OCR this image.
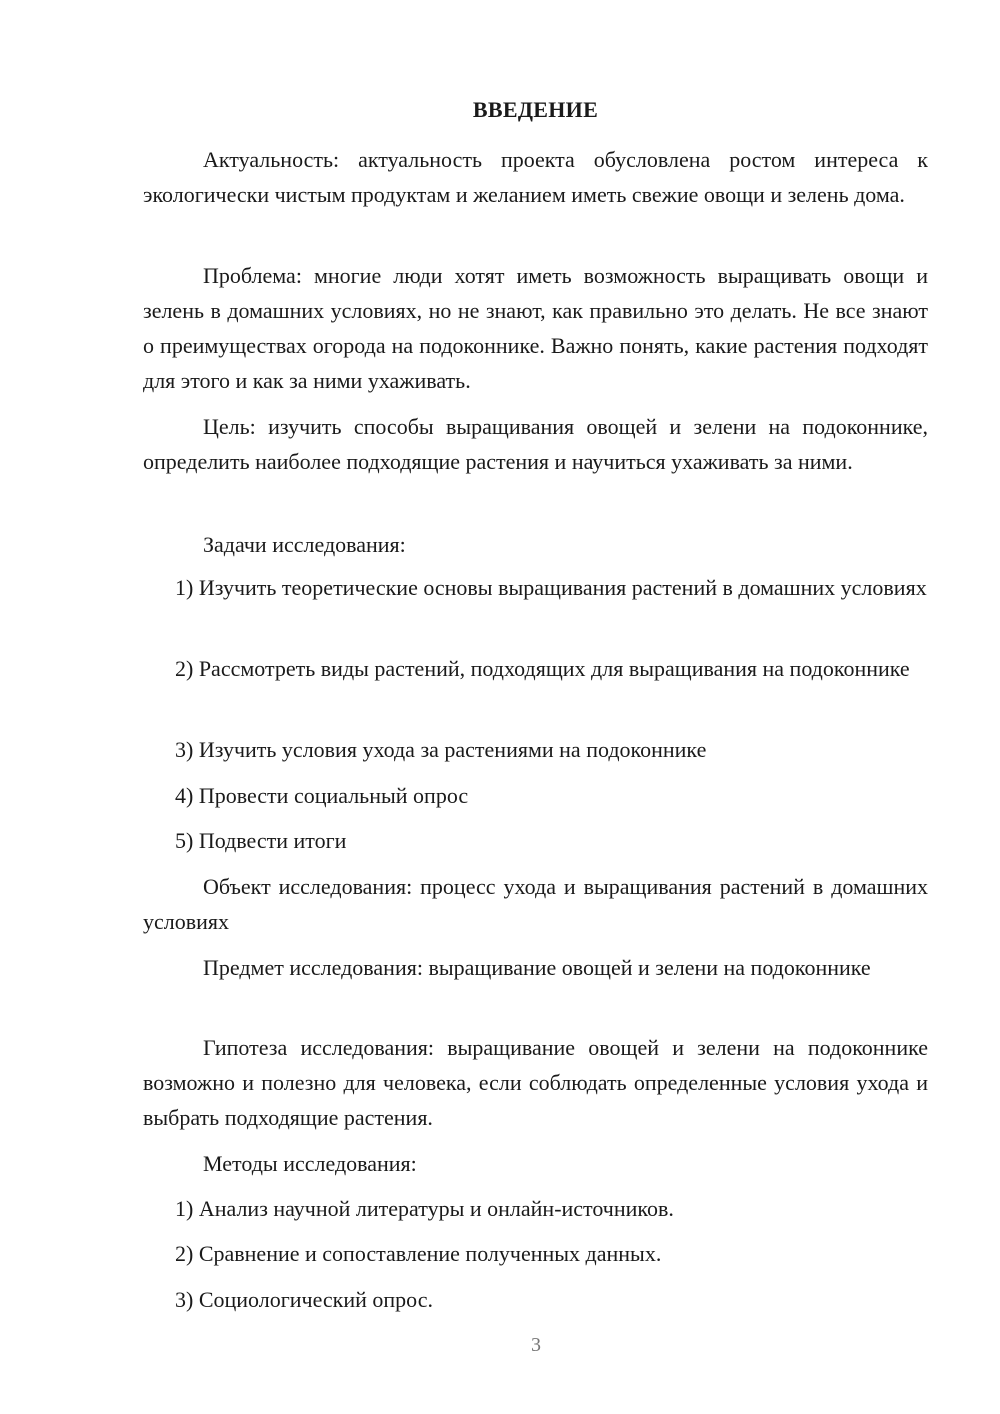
ВВЕДЕНИЕ

Актуальность: актуальность проекта обусловлена ростом интереса к экологически чистым продуктам и желанием иметь свежие овощи и зелень дома.

Проблема: многие люди хотят иметь возможность выращивать овощи и зелень в домашних условиях, но не знают, как правильно это делать. Не все знают о преимуществах огорода на подоконнике. Важно понять, какие растения подходят для этого и как за ними ухаживать.

Цель: изучить способы выращивания овощей и зелени на подоконнике, определить наиболее подходящие растения и научиться ухаживать за ними.

Задачи исследования:

1) Изучить теоретические основы выращивания растений в домашних условиях

2) Рассмотреть виды растений, подходящих для выращивания на подоконнике

3) Изучить условия ухода за растениями на подоконнике

4) Провести социальный опрос

5) Подвести итоги

Объект исследования: процесс ухода и выращивания растений в домашних условиях

Предмет исследования: выращивание овощей и зелени на подоконнике

Гипотеза исследования: выращивание овощей и зелени на подоконнике возможно и полезно для человека, если соблюдать определенные условия ухода и выбрать подходящие растения.

Методы исследования:

1) Анализ научной литературы и онлайн-источников.

2) Сравнение и сопоставление полученных данных.

3) Социологический опрос.

3
